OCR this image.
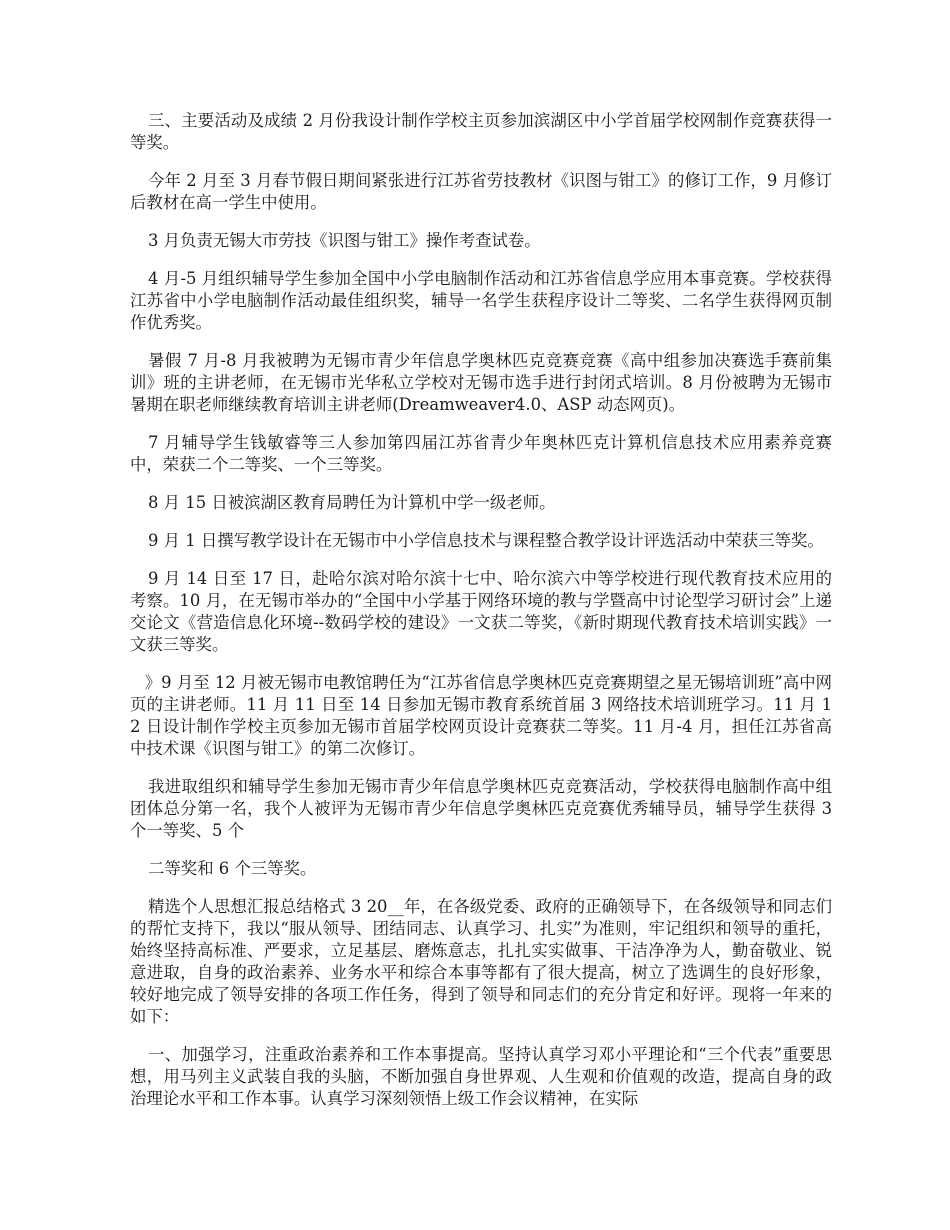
三、主要活动及成绩 2 月份我设计制作学校主页参加滨湖区中小学首届学校网制作竞赛获得一等奖。

今年 2 月至 3 月春节假日期间紧张进行江苏省劳技教材《识图与钳工》的修订工作，9 月修订后教材在高一学生中使用。

3 月负责无锡大市劳技《识图与钳工》操作考查试卷。

4 月-5 月组织辅导学生参加全国中小学电脑制作活动和江苏省信息学应用本事竞赛。学校获得江苏省中小学电脑制作活动最佳组织奖，辅导一名学生获程序设计二等奖、二名学生获得网页制作优秀奖。

暑假 7 月-8 月我被聘为无锡市青少年信息学奥林匹克竞赛竞赛《高中组参加决赛选手赛前集训》班的主讲老师，在无锡市光华私立学校对无锡市选手进行封闭式培训。8 月份被聘为无锡市暑期在职老师继续教育培训主讲老师(Dreamweaver4.0、ASP 动态网页)。

7 月辅导学生钱敏睿等三人参加第四届江苏省青少年奥林匹克计算机信息技术应用素养竞赛中，荣获二个二等奖、一个三等奖。

8 月 15 日被滨湖区教育局聘任为计算机中学一级老师。

9 月 1 日撰写教学设计在无锡市中小学信息技术与课程整合教学设计评选活动中荣获三等奖。

9 月 14 日至 17 日，赴哈尔滨对哈尔滨十七中、哈尔滨六中等学校进行现代教育技术应用的考察。10 月，在无锡市举办的“全国中小学基于网络环境的教与学暨高中讨论型学习研讨会”上递交论文《营造信息化环境--数码学校的建设》一文获二等奖，《新时期现代教育技术培训实践》一文获三等奖。

》9 月至 12 月被无锡市电教馆聘任为“江苏省信息学奥林匹克竞赛期望之星无锡培训班”高中网页的主讲老师。11 月 11 日至 14 日参加无锡市教育系统首届 3 网络技术培训班学习。11 月 12 日设计制作学校主页参加无锡市首届学校网页设计竞赛获二等奖。11 月-4 月，担任江苏省高中技术课《识图与钳工》的第二次修订。

我进取组织和辅导学生参加无锡市青少年信息学奥林匹克竞赛活动，学校获得电脑制作高中组团体总分第一名，我个人被评为无锡市青少年信息学奥林匹克竞赛优秀辅导员，辅导学生获得 3 个一等奖、5 个

二等奖和 6 个三等奖。

精选个人思想汇报总结格式 3 20__年，在各级党委、政府的正确领导下，在各级领导和同志们的帮忙支持下，我以“服从领导、团结同志、认真学习、扎实”为准则，牢记组织和领导的重托，始终坚持高标准、严要求，立足基层、磨炼意志，扎扎实实做事、干洁净净为人，勤奋敬业、锐意进取，自身的政治素养、业务水平和综合本事等都有了很大提高，树立了选调生的良好形象，较好地完成了领导安排的各项工作任务，得到了领导和同志们的充分肯定和好评。现将一年来的如下：

一、加强学习，注重政治素养和工作本事提高。坚持认真学习邓小平理论和“三个代表”重要思想，用马列主义武装自我的头脑，不断加强自身世界观、人生观和价值观的改造，提高自身的政治理论水平和工作本事。认真学习深刻领悟上级工作会议精神，在实际
